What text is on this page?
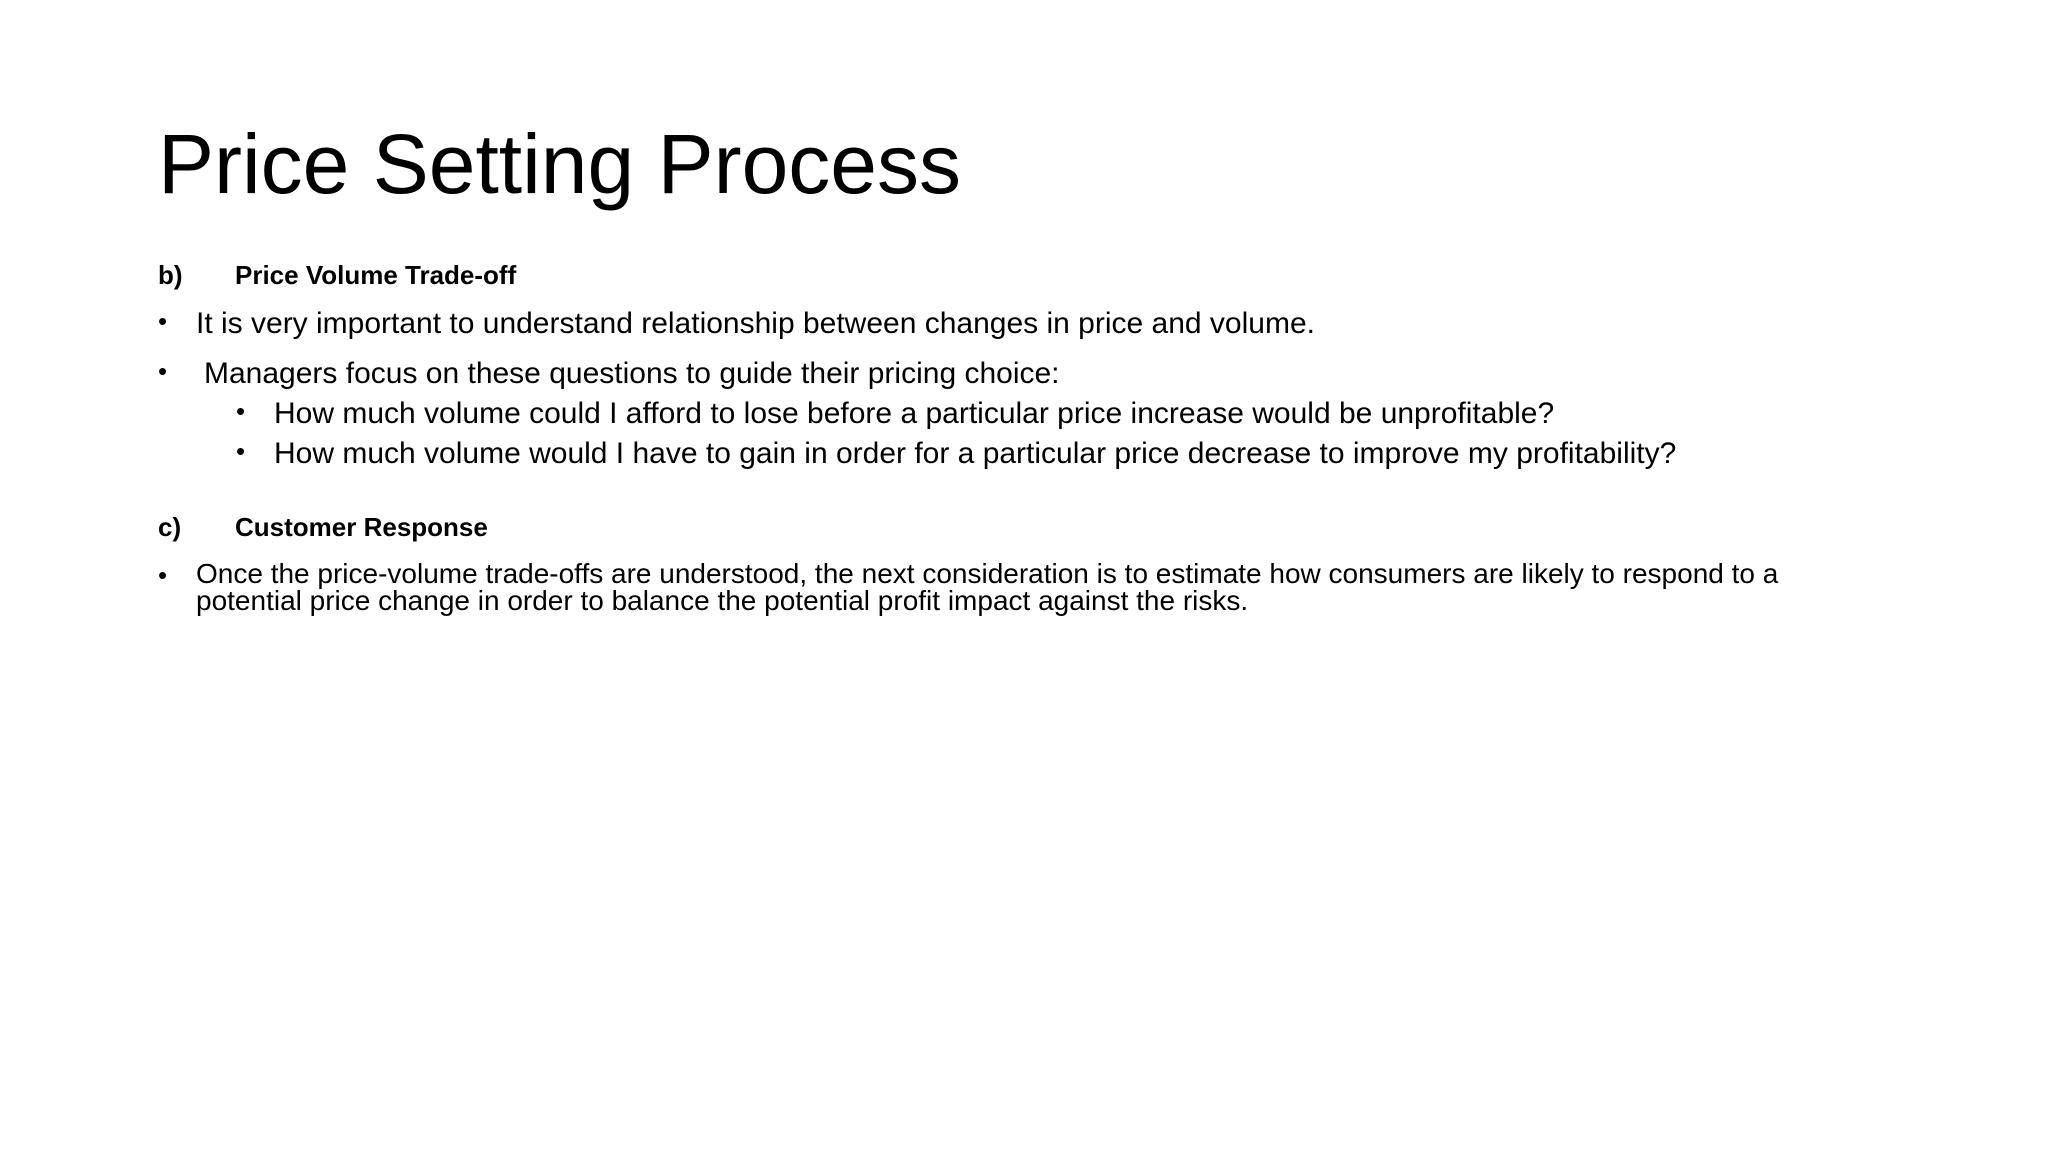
Price Setting Process
b) Price Volume Trade-off
• It is very important to understand relationship between changes in price and volume.
• Managers focus on these questions to guide their pricing choice:
• How much volume could I afford to lose before a particular price increase would be unprofitable?
• How much volume would I have to gain in order for a particular price decrease to improve my profitability?
c) Customer Response
• Once the price-volume trade-offs are understood, the next consideration is to estimate how consumers are likely to respond to a
potential price change in order to balance the potential profit impact against the risks.
